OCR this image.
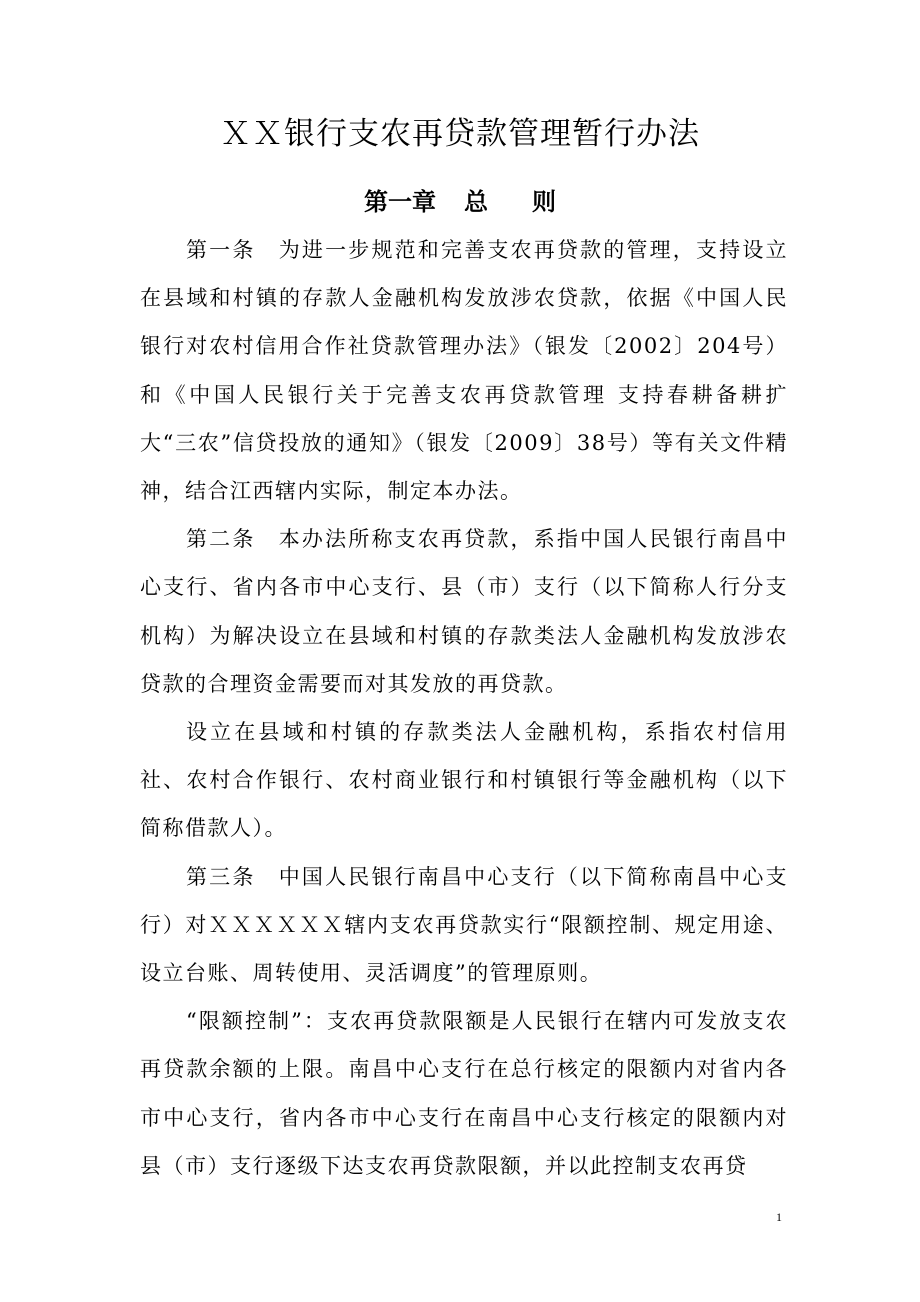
ＸＸ银行支农再贷款管理暂行办法
第一章 总 则

第一条　为进一步规范和完善支农再贷款的管理，支持设立在县域和村镇的存款人金融机构发放涉农贷款，依据《中国人民银行对农村信用合作社贷款管理办法》（银发〔2002〕204号）和《中国人民银行关于完善支农再贷款管理 支持春耕备耕扩大“三农”信贷投放的通知》（银发〔2009〕38号）等有关文件精神，结合江西辖内实际，制定本办法。

第二条　本办法所称支农再贷款，系指中国人民银行南昌中心支行、省内各市中心支行、县（市）支行（以下简称人行分支机构）为解决设立在县域和村镇的存款类法人金融机构发放涉农贷款的合理资金需要而对其发放的再贷款。

设立在县域和村镇的存款类法人金融机构，系指农村信用社、农村合作银行、农村商业银行和村镇银行等金融机构（以下简称借款人）。

第三条　中国人民银行南昌中心支行（以下简称南昌中心支行）对ＸＸＸＸＸＸ辖内支农再贷款实行“限额控制、规定用途、设立台账、周转使用、灵活调度”的管理原则。

“限额控制”：支农再贷款限额是人民银行在辖内可发放支农再贷款余额的上限。南昌中心支行在总行核定的限额内对省内各市中心支行，省内各市中心支行在南昌中心支行核定的限额内对县（市）支行逐级下达支农再贷款限额，并以此控制支农再贷

1
